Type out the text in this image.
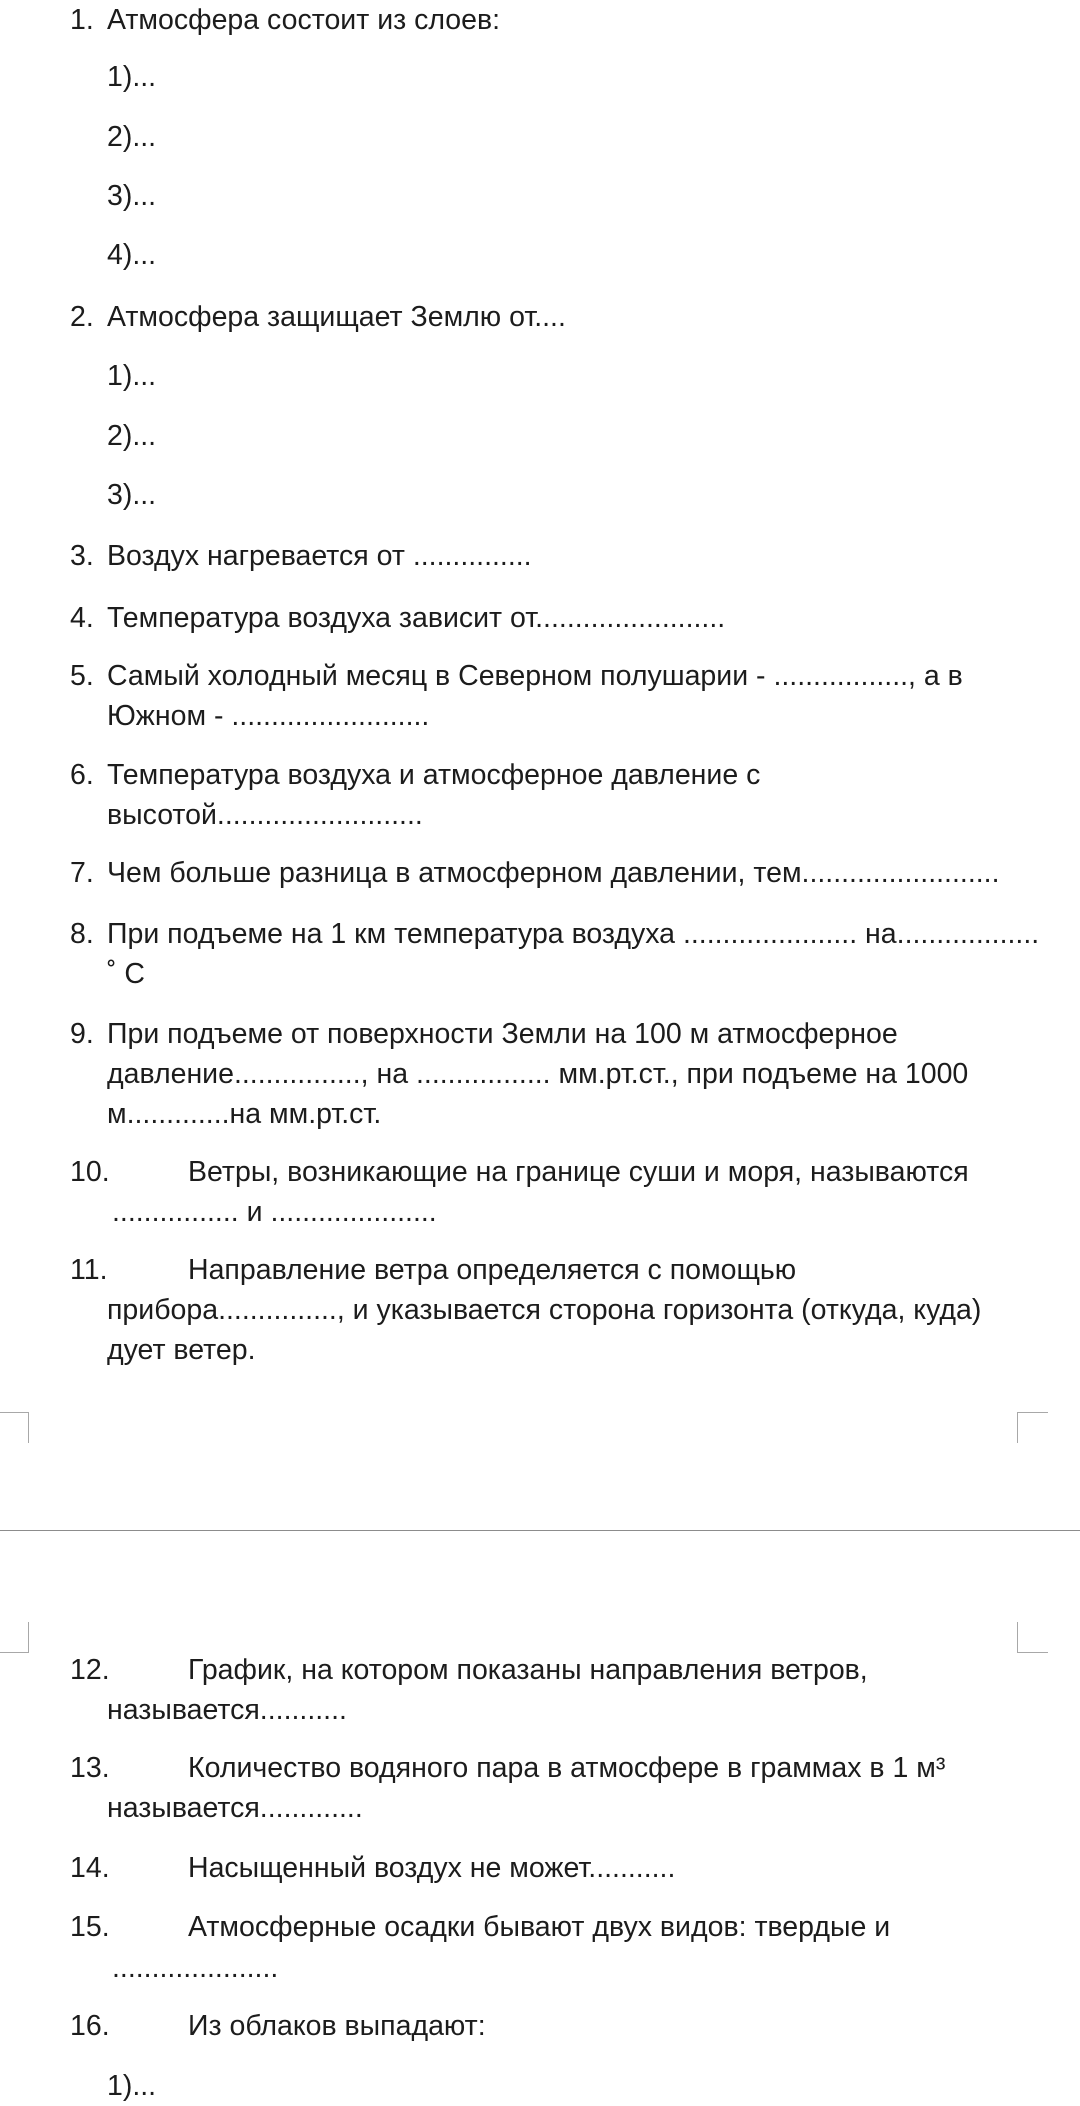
1. Атмосфера состоит из слоев:
1)...
2)...
3)...
4)...
2. Атмосфера защищает Землю от....
1)...
2)...
3)...
3. Воздух нагревается от ...............
4. Температура воздуха зависит от........................
5. Самый холодный месяц в Северном полушарии - ................., а в
Южном - .........................
6. Температура воздуха и атмосферное давление с
высотой..........................
7. Чем больше разница в атмосферном давлении, тем.........................
8. При подъеме на 1 км температура воздуха ...................... на..................
˚ С
9. При подъеме от поверхности Земли на 100 м атмосферное
давление................, на ................. мм.рт.ст., при подъеме на 1000
м.............на мм.рт.ст.
10.	Ветры, возникающие на границе суши и моря, называются
................ и .....................
11.	Направление ветра определяется с помощью
прибора..............., и указывается сторона горизонта (откуда, куда)
дует ветер.
12.	График, на котором показаны направления ветров,
называется...........
13.	Количество водяного пара в атмосфере в граммах в 1 м³
называется.............
14.	Насыщенный воздух не может...........
15.	Атмосферные осадки бывают двух видов: твердые и
.....................
16.	Из облаков выпадают:
1)...
